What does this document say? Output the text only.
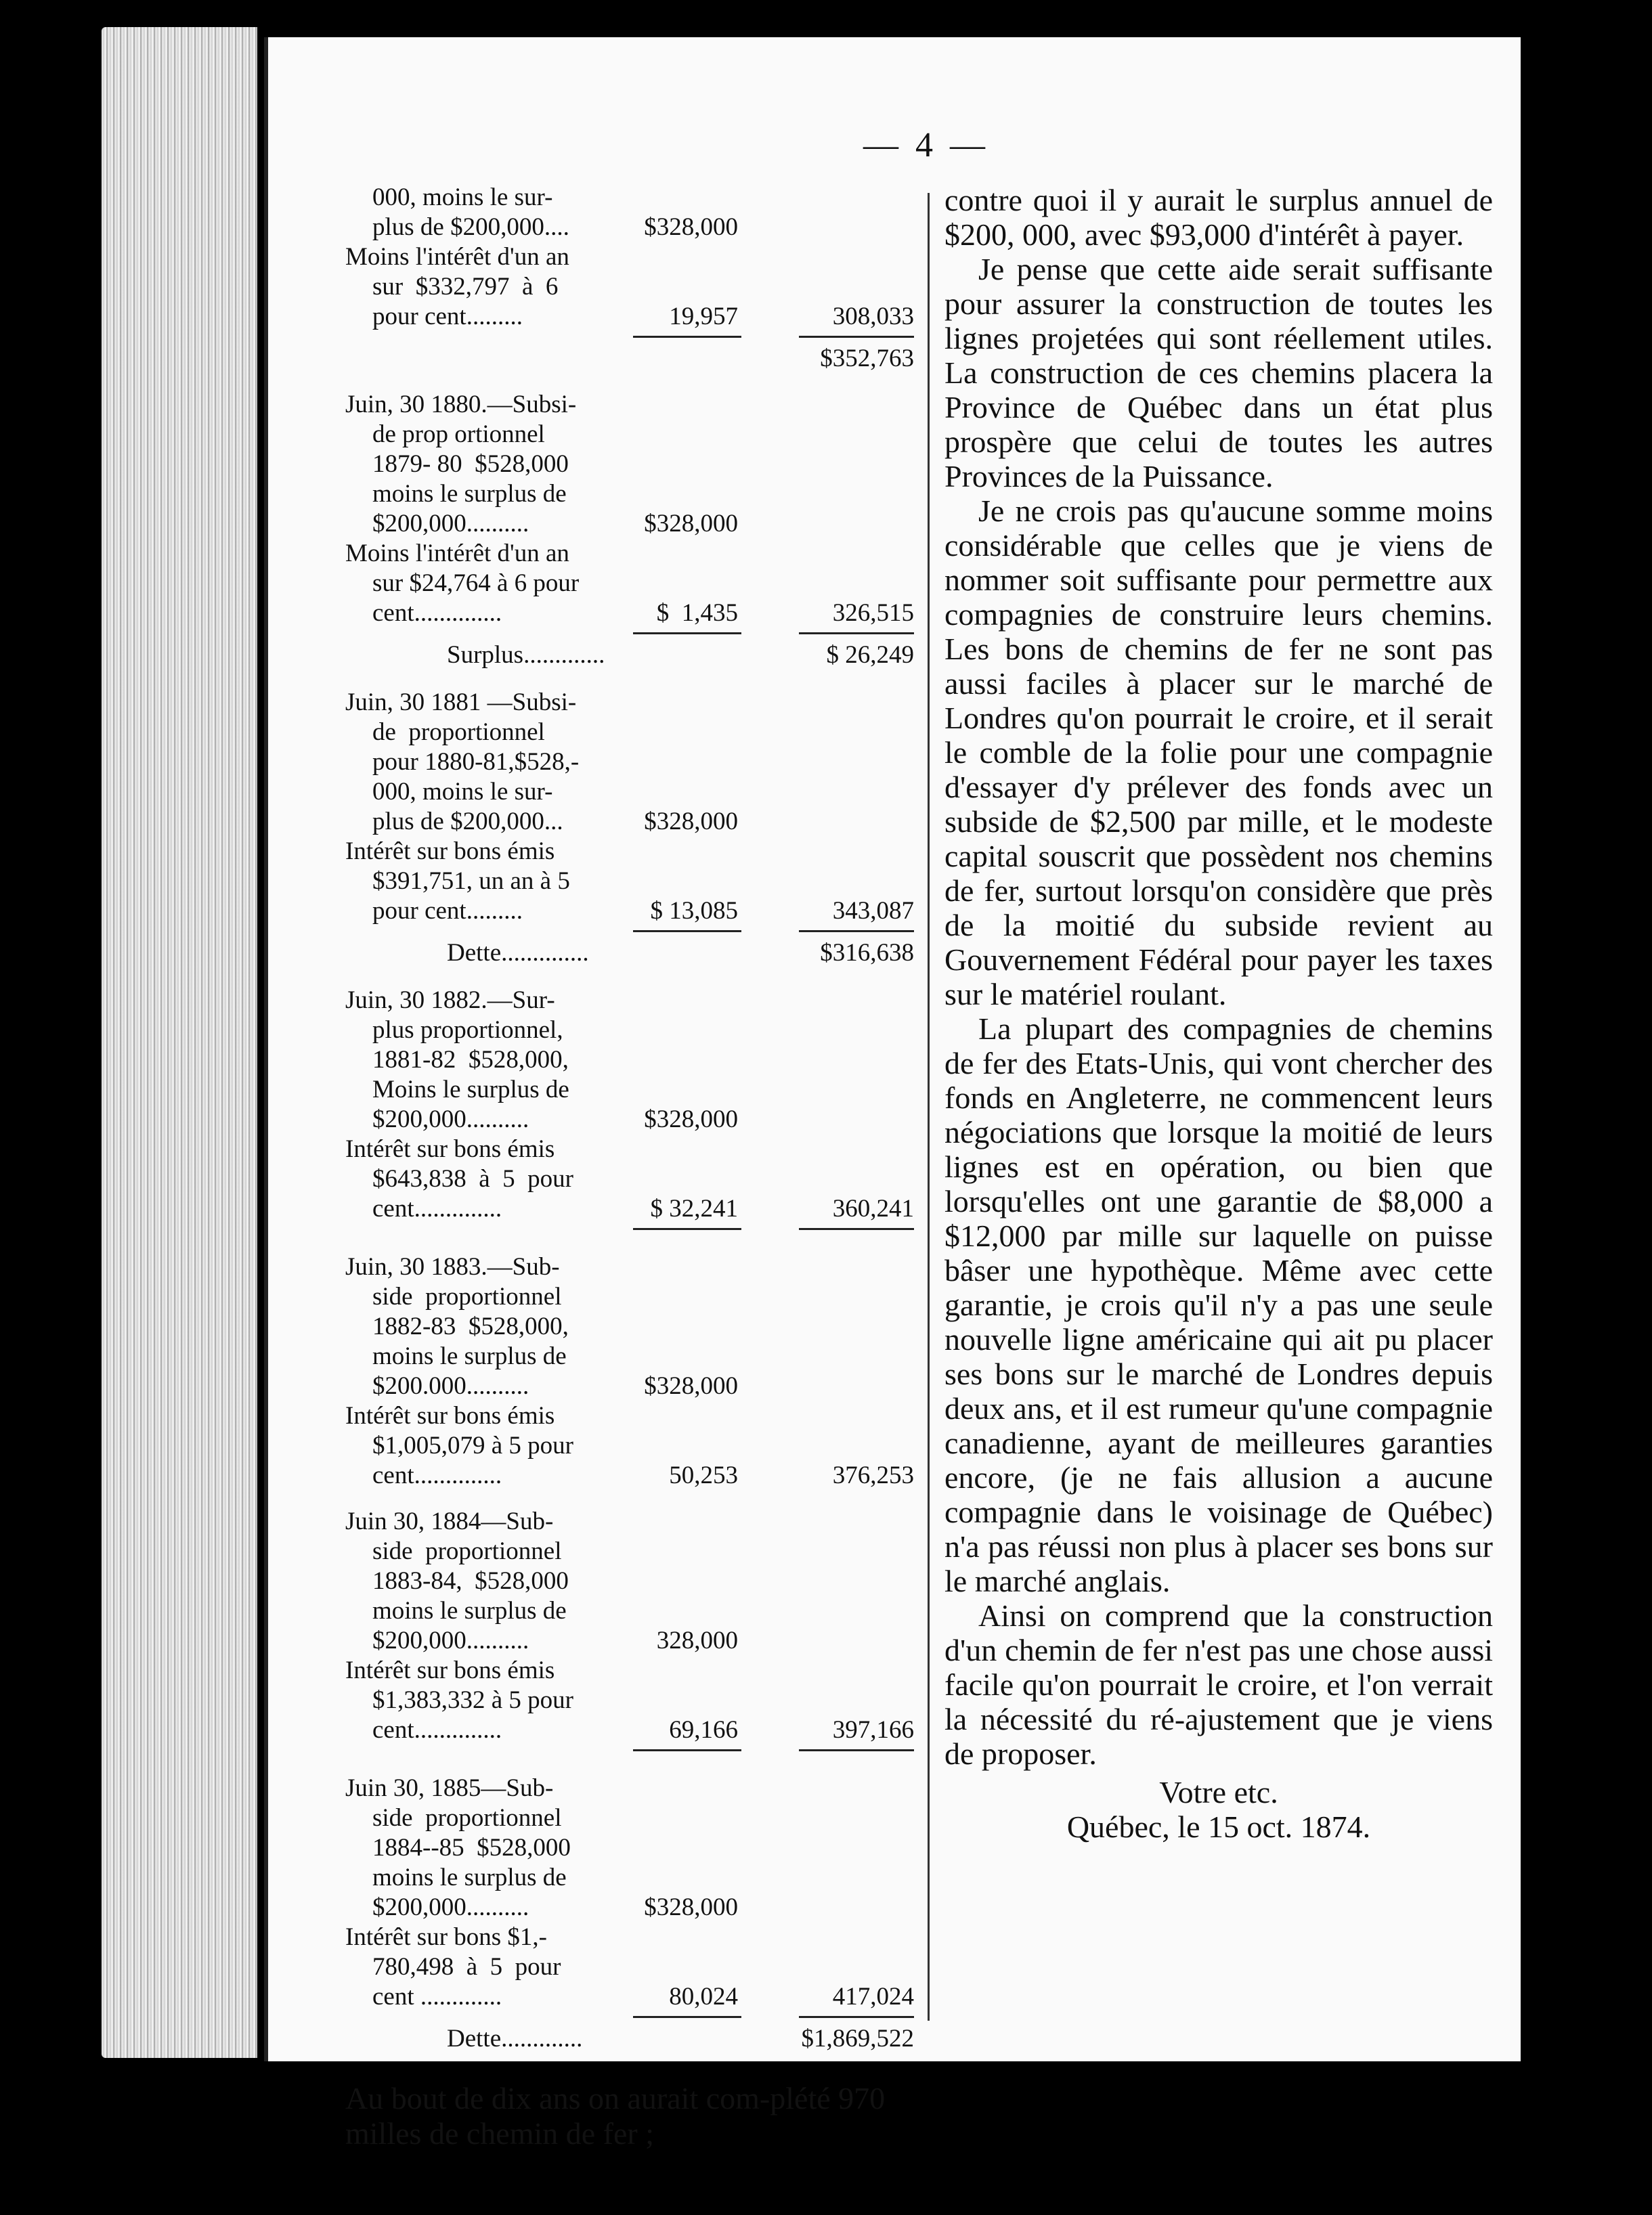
— 4 —
000, moins le sur-
plus de $200,000....	$328,000
Moins l'intérêt d'un an
sur  $332,797  à  6
pour cent.........	19,957	308,033
$352,763
Juin, 30 1880.—Subsi-
de prop ortionnel
1879- 80  $528,000
moins le surplus de
$200,000..........	$328,000
Moins l'intérêt d'un an
sur $24,764 à 6 pour
cent..............	$  1,435	326,515
Surplus.............	$ 26,249
Juin, 30 1881 —Subsi-
de  proportionnel
pour 1880-81,$528,-
000, moins le sur-
plus de $200,000...	$328,000
Intérêt sur bons émis
$391,751, un an à 5
pour cent.........	$ 13,085	343,087
Dette..............	$316,638
Juin, 30 1882.—Sur-
plus proportionnel,
1881-82  $528,000,
Moins le surplus de
$200,000..........	$328,000
Intérêt sur bons émis
$643,838  à  5  pour
cent..............	$ 32,241	360,241
Juin, 30 1883.—Sub-
side  proportionnel
1882-83  $528,000,
moins le surplus de
$200.000..........	$328,000
Intérêt sur bons émis
$1,005,079 à 5 pour
cent..............	50,253	376,253
Juin 30, 1884—Sub-
side  proportionnel
1883-84,  $528,000
moins le surplus de
$200,000..........	328,000
Intérêt sur bons émis
$1,383,332 à 5 pour
cent..............	69,166	397,166
Juin 30, 1885—Sub-
side  proportionnel
1884--85  $528,000
moins le surplus de
$200,000..........	$328,000
Intérêt sur bons $1,-
780,498  à  5  pour
cent .............	80,024	417,024
Dette.............	$1,869,522
Au bout de dix ans on aurait com-plété 970 milles de chemin de fer ;

contre quoi il y aurait le surplus annuel de $200, 000, avec $93,000 d'intérêt à payer.

Je pense que cette aide serait suffisante pour assurer la construction de toutes les lignes projetées qui sont réellement utiles. La construction de ces chemins placera la Province de Québec dans un état plus prospère que celui de toutes les autres Provinces de la Puissance.

Je ne crois pas qu'aucune somme moins considérable que celles que je viens de nommer soit suffisante pour permettre aux compagnies de construire leurs chemins. Les bons de chemins de fer ne sont pas aussi faciles à placer sur le marché de Londres qu'on pourrait le croire, et il serait le comble de la folie pour une compagnie d'essayer d'y prélever des fonds avec un subside de $2,500 par mille, et le modeste capital souscrit que possèdent nos chemins de fer, surtout lorsqu'on considère que près de la moitié du subside revient au Gouvernement Fédéral pour payer les taxes sur le matériel roulant.

La plupart des compagnies de chemins de fer des Etats-Unis, qui vont chercher des fonds en Angleterre, ne commencent leurs négociations que lorsque la moitié de leurs lignes est en opération, ou bien que lorsqu'elles ont une garantie de $8,000 a $12,000 par mille sur laquelle on puisse bâser une hypothèque. Même avec cette garantie, je crois qu'il n'y a pas une seule nouvelle ligne américaine qui ait pu placer ses bons sur le marché de Londres depuis deux ans, et il est rumeur qu'une compagnie canadienne, ayant de meilleures garanties encore, (je ne fais allusion a aucune compagnie dans le voisinage de Québec) n'a pas réussi non plus à placer ses bons sur le marché anglais.

Ainsi on comprend que la construction d'un chemin de fer n'est pas une chose aussi facile qu'on pourrait le croire, et l'on verrait la nécessité du ré-ajustement que je viens de proposer.

Votre etc.
Québec, le 15 oct. 1874.
